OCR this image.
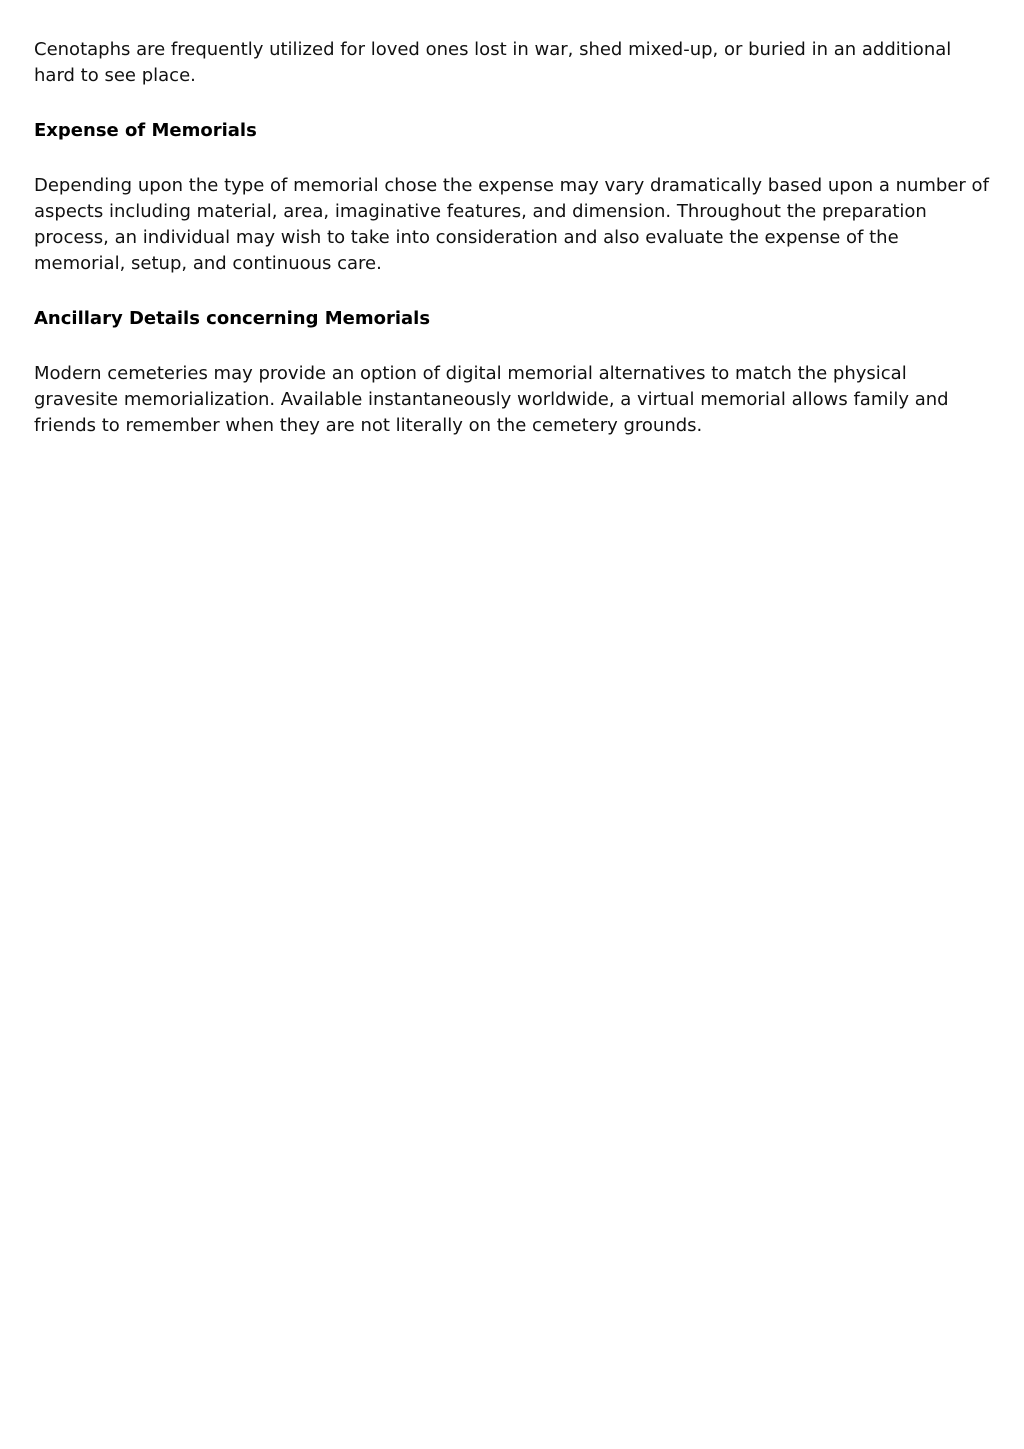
Cenotaphs are frequently utilized for loved ones lost in war, shed mixed-up, or buried in an additional hard to see place.

Expense of Memorials

Depending upon the type of memorial chose the expense may vary dramatically based upon a number of aspects including material, area, imaginative features, and dimension. Throughout the preparation process, an individual may wish to take into consideration and also evaluate the expense of the memorial, setup, and continuous care.

Ancillary Details concerning Memorials

Modern cemeteries may provide an option of digital memorial alternatives to match the physical gravesite memorialization. Available instantaneously worldwide, a virtual memorial allows family and friends to remember when they are not literally on the cemetery grounds.
